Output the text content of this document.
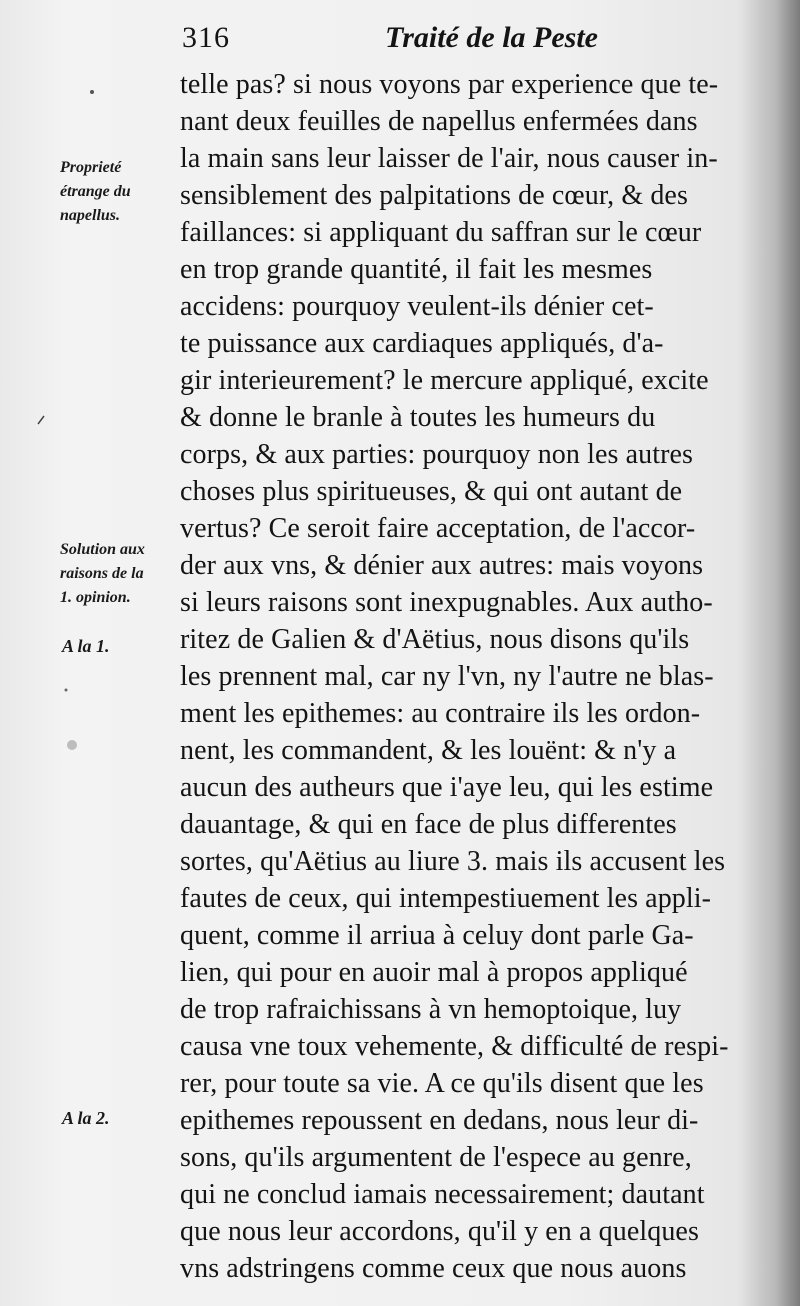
316	Traité de la Peste
Proprieté
étrange du
napellus.
Solution aux
raisons de la
1. opinion.
A la 1.
A la 2.
telle pas? si nous voyons par experience que te-
nant deux feuilles de napellus enfermées dans
la main sans leur laisser de l'air, nous causer in-
sensiblement des palpitations de cœur, & des
faillances: si appliquant du saffran sur le cœur
en trop grande quantité, il fait les mesmes
accidens: pourquoy veulent-ils dénier cet-
te puissance aux cardiaques appliqués, d'a-
gir interieurement? le mercure appliqué, excite
& donne le branle à toutes les humeurs du
corps, & aux parties: pourquoy non les autres
choses plus spiritueuses, & qui ont autant de
vertus? Ce seroit faire acceptation, de l'accor-
der aux vns, & dénier aux autres: mais voyons
si leurs raisons sont inexpugnables. Aux autho-
ritez de Galien & d'Aëtius, nous disons qu'ils
les prennent mal, car ny l'vn, ny l'autre ne blas-
ment les epithemes: au contraire ils les ordon-
nent, les commandent, & les louënt: & n'y a
aucun des autheurs que i'aye leu, qui les estime
dauantage, & qui en face de plus differentes
sortes, qu'Aëtius au liure 3. mais ils accusent les
fautes de ceux, qui intempestiuement les appli-
quent, comme il arriua à celuy dont parle Ga-
lien, qui pour en auoir mal à propos appliqué
de trop rafraichissans à vn hemoptoique, luy
causa vne toux vehemente, & difficulté de respi-
rer, pour toute sa vie. A ce qu'ils disent que les
epithemes repoussent en dedans, nous leur di-
sons, qu'ils argumentent de l'espece au genre,
qui ne conclud iamais necessairement; dautant
que nous leur accordons, qu'il y en a quelques
vns adstringens comme ceux que nous auons
